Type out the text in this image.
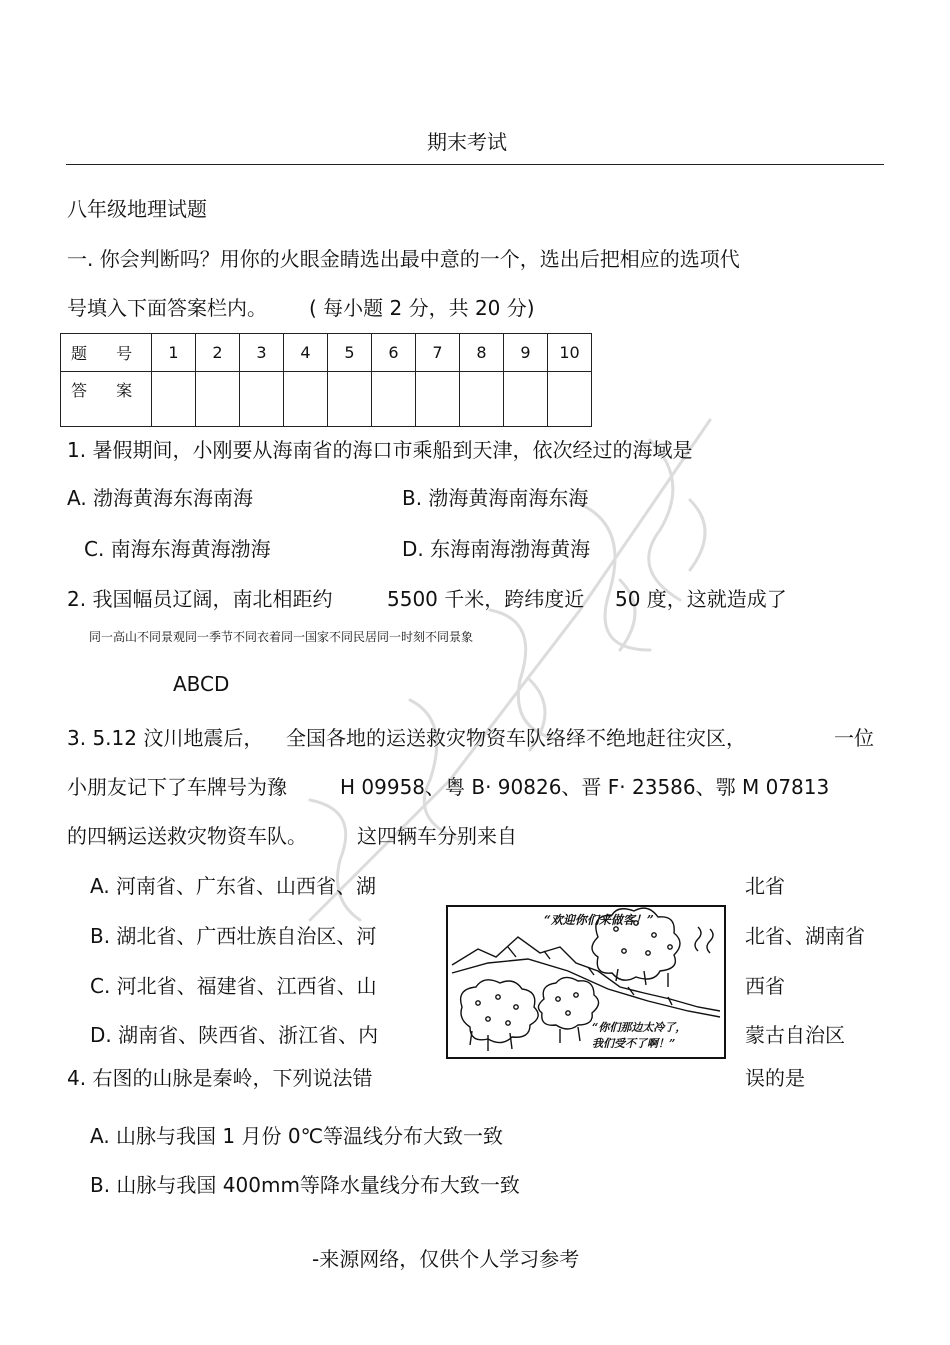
期末考试
八年级地理试题
一. 你会判断吗？用你的火眼金睛选出最中意的一个，选出后把相应的选项代
号填入下面答案栏内。 ( 每小题 2 分，共 20 分)
题 号	1	2	3	4	5	6	7	8	9	10
答 案										
1. 暑假期间，小刚要从海南省的海口市乘船到天津，依次经过的海域是
A. 渤海黄海东海南海	B. 渤海黄海南海东海
C. 南海东海黄海渤海	D. 东海南海渤海黄海
2. 我国幅员辽阔，南北相距约	5500 千米，跨纬度近 50 度，这就造成了
同一高山不同景观同一季节不同衣着同一国家不同民居同一时刻不同景象
ABCD
3. 5.12 汶川地震后， 全国各地的运送救灾物资车队络绎不绝地赶往灾区，	一位
小朋友记下了车牌号为豫	H 09958、粤 B· 90826、晋 F· 23586、鄂 M 07813
的四辆运送救灾物资车队。	这四辆车分别来自
A. 河南省、广东省、山西省、湖	北省
B. 湖北省、广西壮族自治区、河	北省、湖南省
C. 河北省、福建省、江西省、山	西省
D. 湖南省、陕西省、浙江省、内	蒙古自治区
“欢迎你们来做客！”
“你们那边太冷了，
我们受不了啊！”
4. 右图的山脉是秦岭，下列说法错	误的是
A. 山脉与我国 1 月份 0℃等温线分布大致一致
B. 山脉与我国 400mm等降水量线分布大致一致
-来源网络，仅供个人学习参考
